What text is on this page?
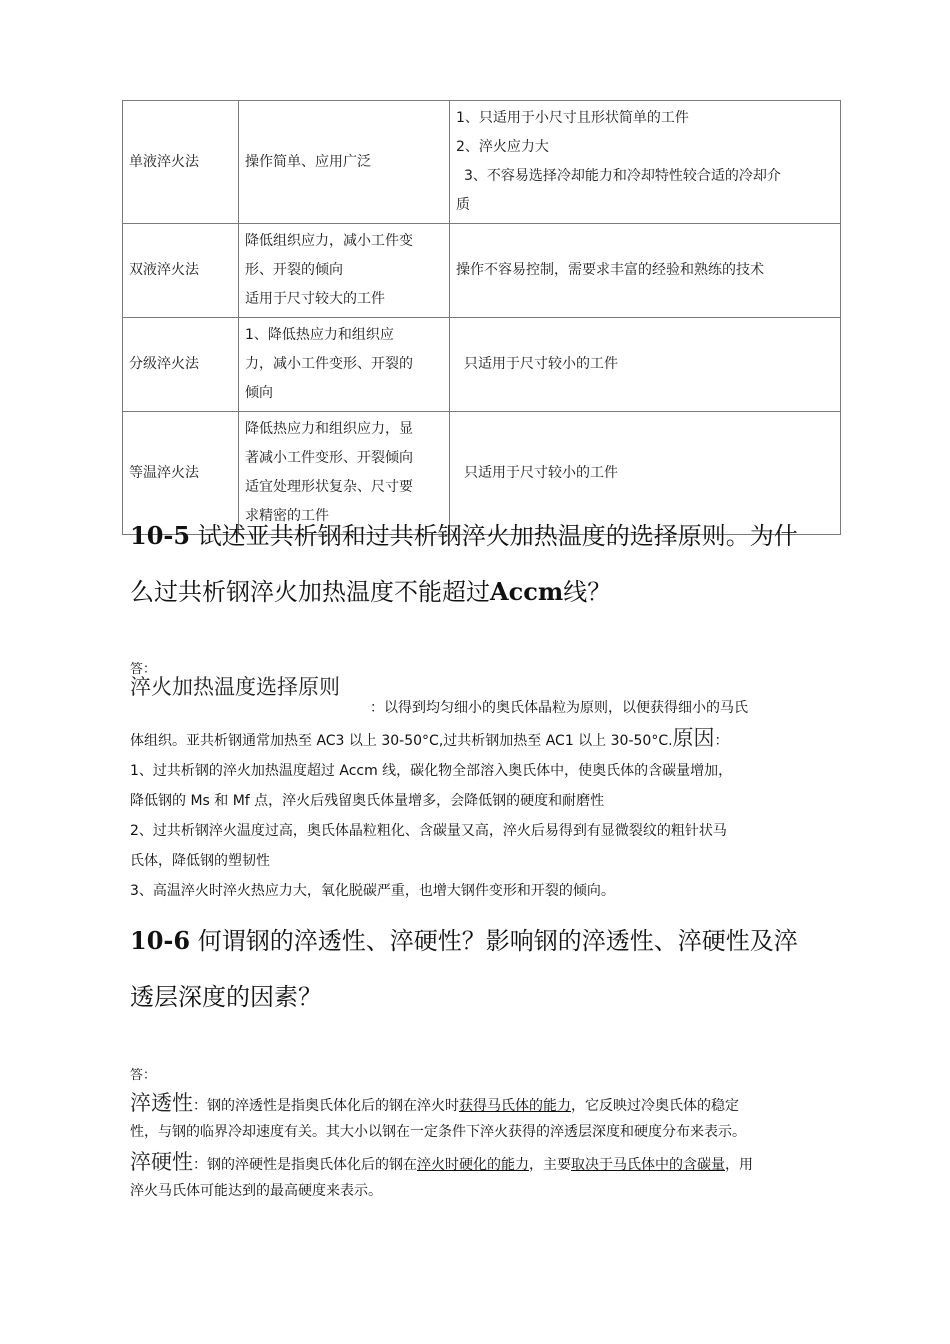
单液淬火法	操作简单、应用广泛	1、只适用于小尺寸且形状简单的工件
2、淬火应力大
3、不容易选择冷却能力和冷却特性较合适的冷却介
质

双液淬火法	降低组织应力，减小工件变
形、开裂的倾向
适用于尺寸较大的工件	操作不容易控制，需要求丰富的经验和熟练的技术

分级淬火法	1、降低热应力和组织应
力，减小工件变形、开裂的
倾向	只适用于尺寸较小的工件

等温淬火法	降低热应力和组织应力，显
著减小工件变形、开裂倾向
适宜处理形状复杂、尺寸要
求精密的工件	只适用于尺寸较小的工件
10-5 试述亚共析钢和过共析钢淬火加热温度的选择原则。为什
么过共析钢淬火加热温度不能超过Accm线？
答：
淬火加热温度选择原则
：以得到均匀细小的奥氏体晶粒为原则，以便获得细小的马氏
体组织。亚共析钢通常加热至 AC3 以上 30-50°C,过共析钢加热至 AC1 以上 30-50°C.原因：
1、过共析钢的淬火加热温度超过 Accm 线，碳化物全部溶入奥氏体中，使奥氏体的含碳量增加，
降低钢的 Ms 和 Mf 点，淬火后残留奥氏体量增多，会降低钢的硬度和耐磨性
2、过共析钢淬火温度过高，奥氏体晶粒粗化、含碳量又高，淬火后易得到有显微裂纹的粗针状马
氏体，降低钢的塑韧性
3、高温淬火时淬火热应力大，氧化脱碳严重，也增大钢件变形和开裂的倾向。
10-6 何谓钢的淬透性、淬硬性？影响钢的淬透性、淬硬性及淬
透层深度的因素？
答：
淬透性：钢的淬透性是指奥氏体化后的钢在淬火时获得马氏体的能力，它反映过冷奥氏体的稳定
性，与钢的临界冷却速度有关。其大小以钢在一定条件下淬火获得的淬透层深度和硬度分布来表示。
淬硬性：钢的淬硬性是指奥氏体化后的钢在淬火时硬化的能力，主要取决于马氏体中的含碳量，用
淬火马氏体可能达到的最高硬度来表示。
